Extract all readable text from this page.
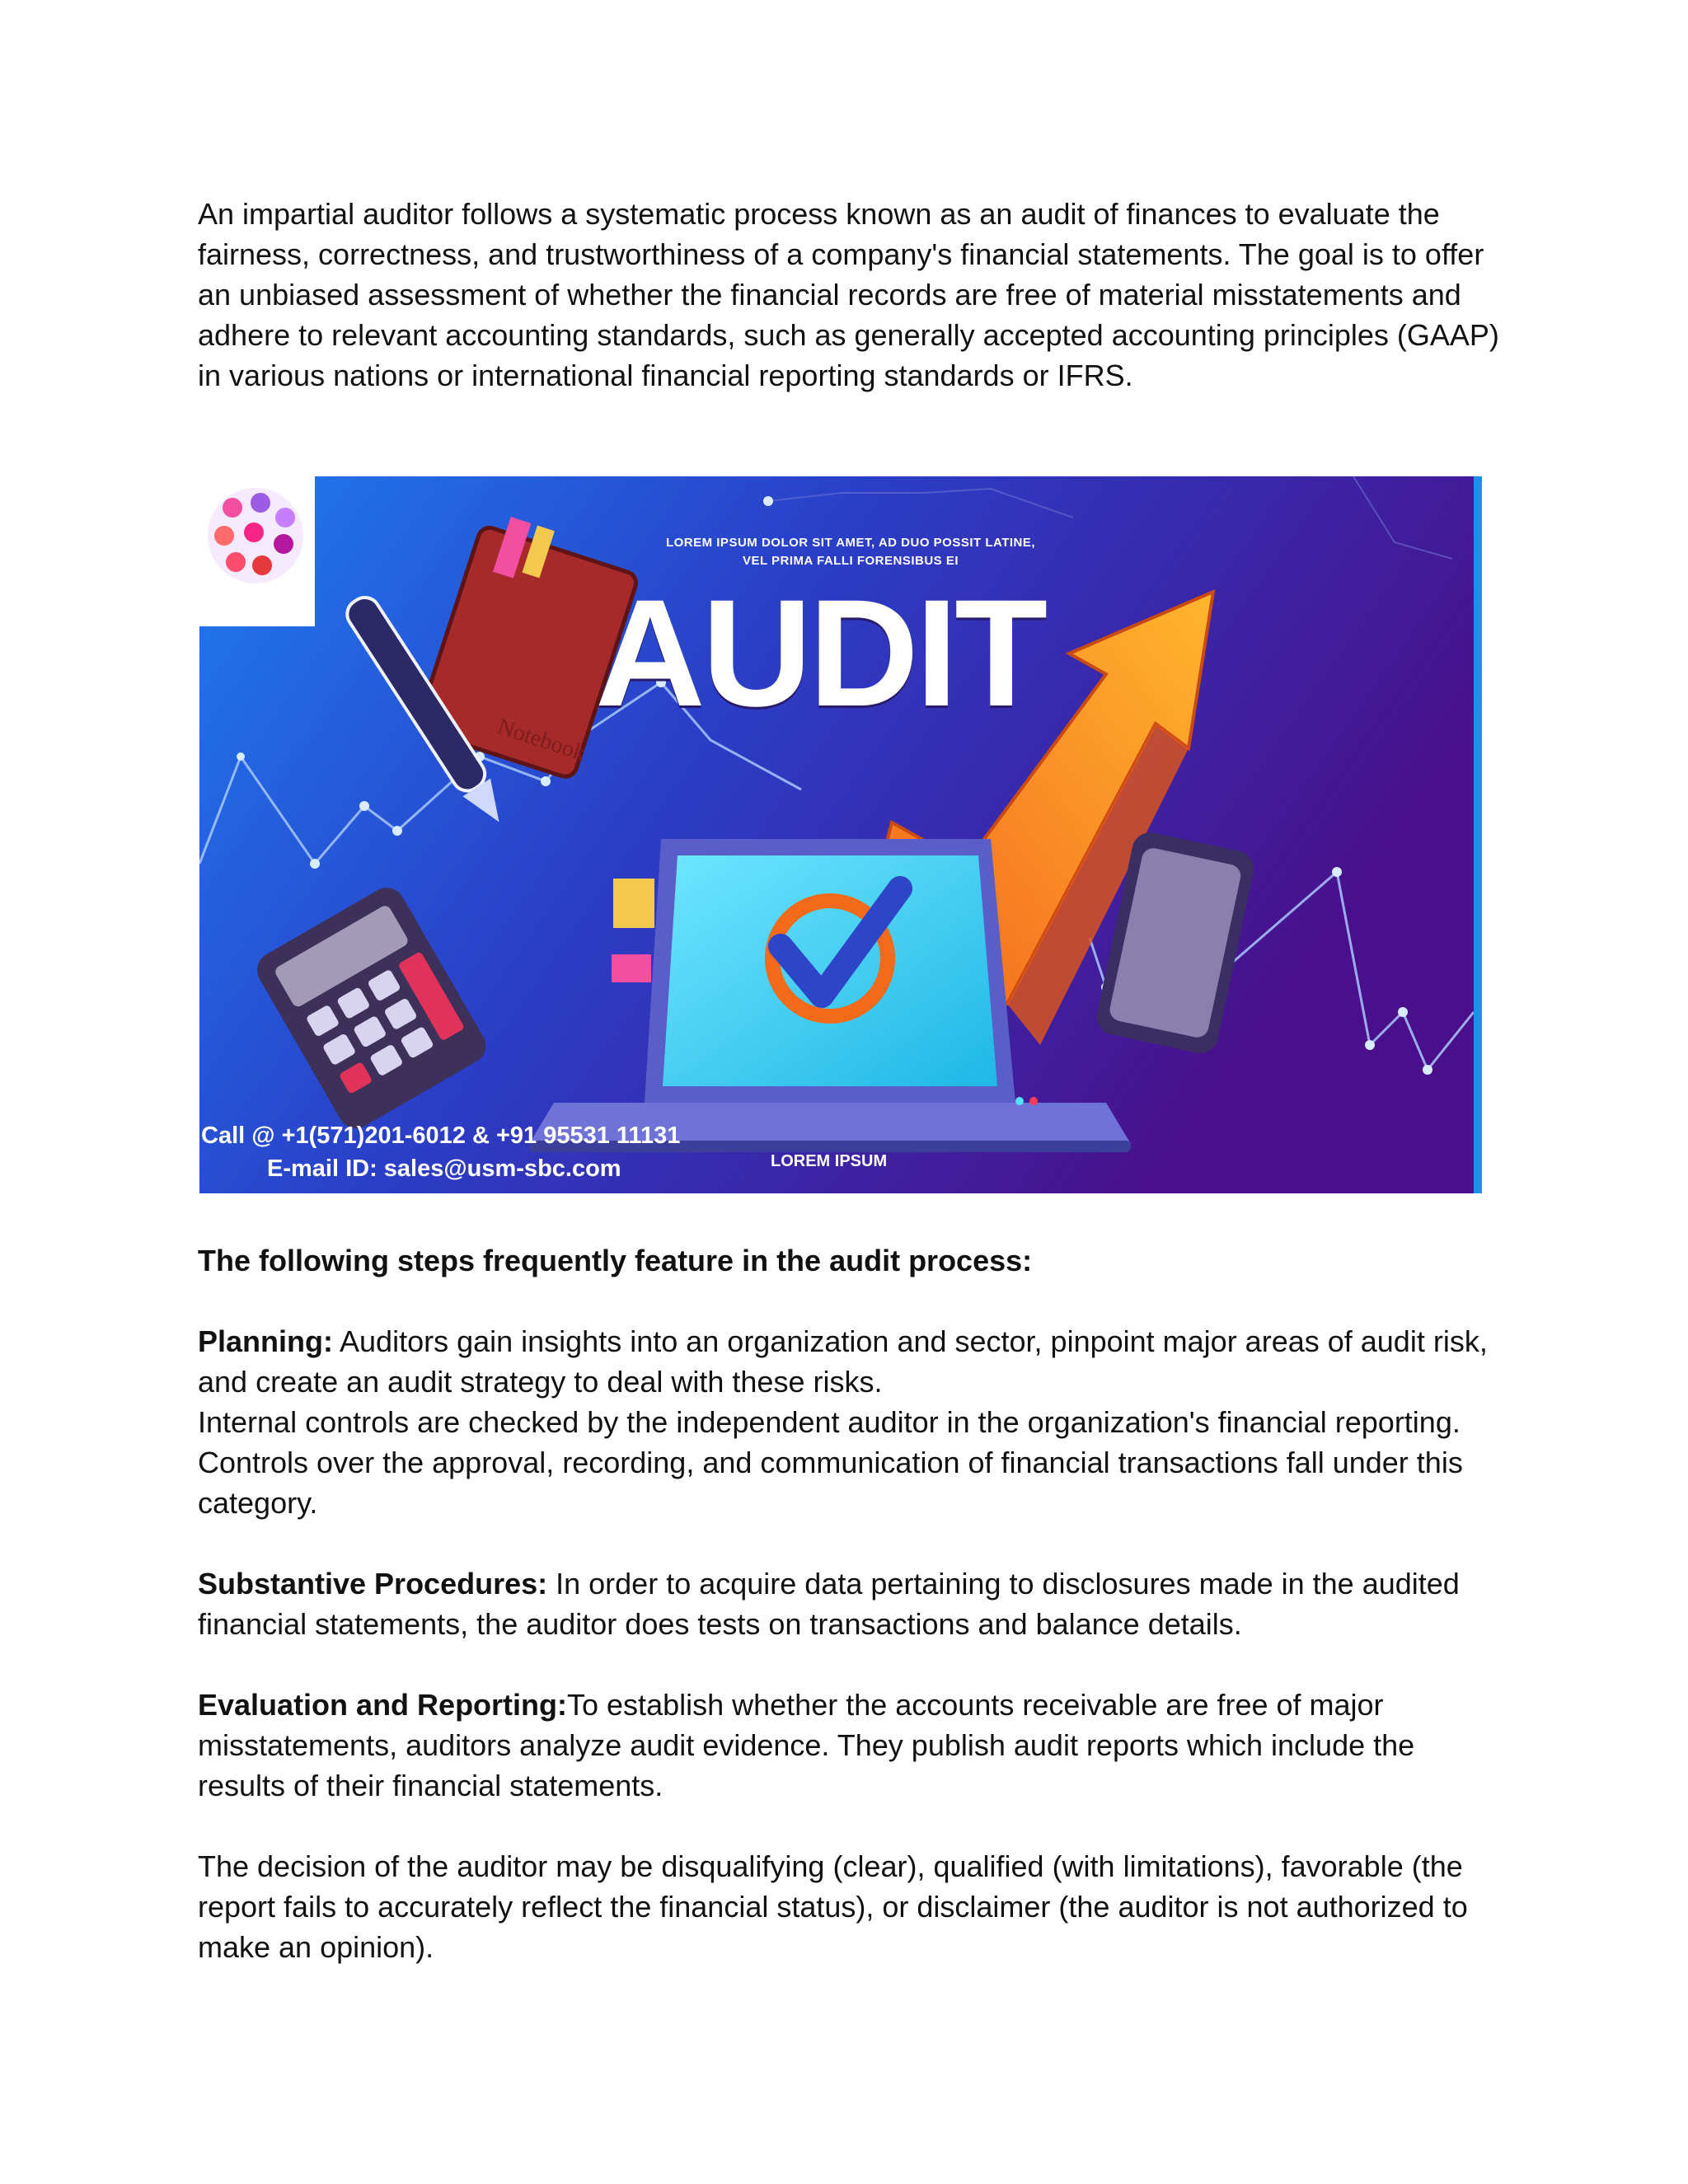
An impartial auditor follows a systematic process known as an audit of finances to evaluate the fairness, correctness, and trustworthiness of a company's financial statements. The goal is to offer an unbiased assessment of whether the financial records are free of material misstatements and adhere to relevant accounting standards, such as generally accepted accounting principles (GAAP) in various nations or international financial reporting standards or IFRS.

Notebook
LOREM IPSUM DOLOR SIT AMET, AD DUO POSSIT LATINE,
VEL PRIMA FALLI FORENSIBUS EI
AUDIT
Call @ +1(571)201-6012 & +91 95531 11131
E-mail ID: sales@usm-sbc.com	LOREM IPSUM

The following steps frequently feature in the audit process:

Planning: Auditors gain insights into an organization and sector, pinpoint major areas of audit risk, and create an audit strategy to deal with these risks.

Internal controls are checked by the independent auditor in the organization's financial reporting. Controls over the approval, recording, and communication of financial transactions fall under this category.

Substantive Procedures: In order to acquire data pertaining to disclosures made in the audited financial statements, the auditor does tests on transactions and balance details.

Evaluation and Reporting:To establish whether the accounts receivable are free of major misstatements, auditors analyze audit evidence. They publish audit reports which include the results of their financial statements.

The decision of the auditor may be disqualifying (clear), qualified (with limitations), favorable (the report fails to accurately reflect the financial status), or disclaimer (the auditor is not authorized to make an opinion).
